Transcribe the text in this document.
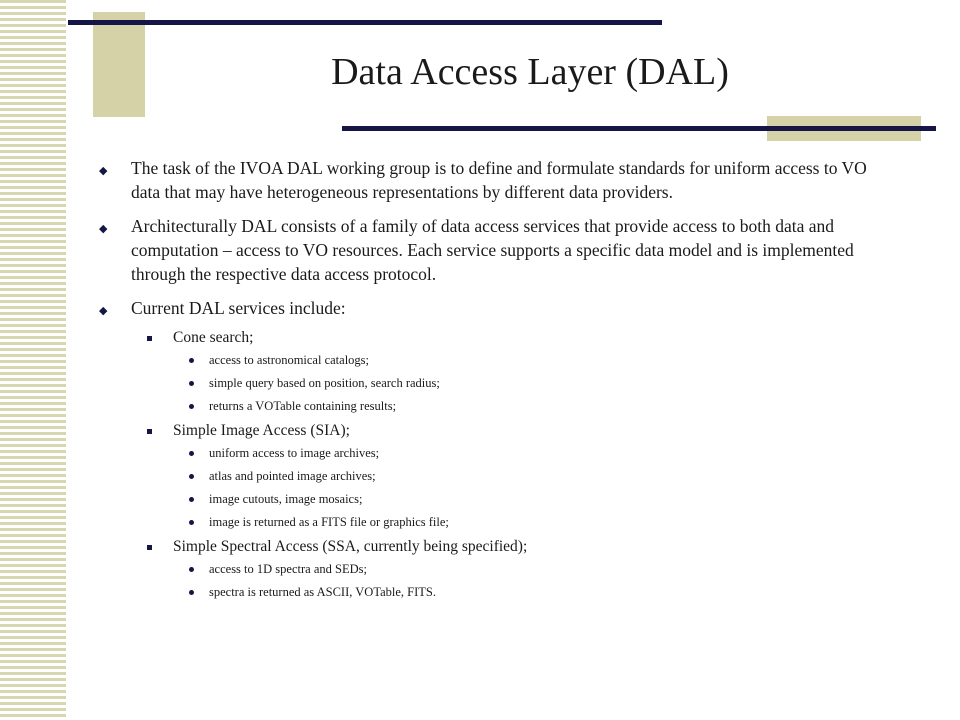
Data Access Layer (DAL)
◆ The task of the IVOA DAL working group is to define and formulate standards for uniform access to VO data that may have heterogeneous representations by different data providers.
◆ Architecturally DAL consists of a family of data access services that provide access to both data and computation – access to VO resources. Each service supports a specific data model and is implemented through the respective data access protocol.
◆ Current DAL services include:
Cone search;
access to astronomical catalogs;
simple query based on position, search radius;
returns a VOTable containing results;
Simple Image Access (SIA);
uniform access to image archives;
atlas and pointed image archives;
image cutouts, image mosaics;
image is returned as a FITS file or graphics file;
Simple Spectral Access (SSA, currently being specified);
access to 1D spectra and SEDs;
spectra is returned as ASCII, VOTable, FITS.
